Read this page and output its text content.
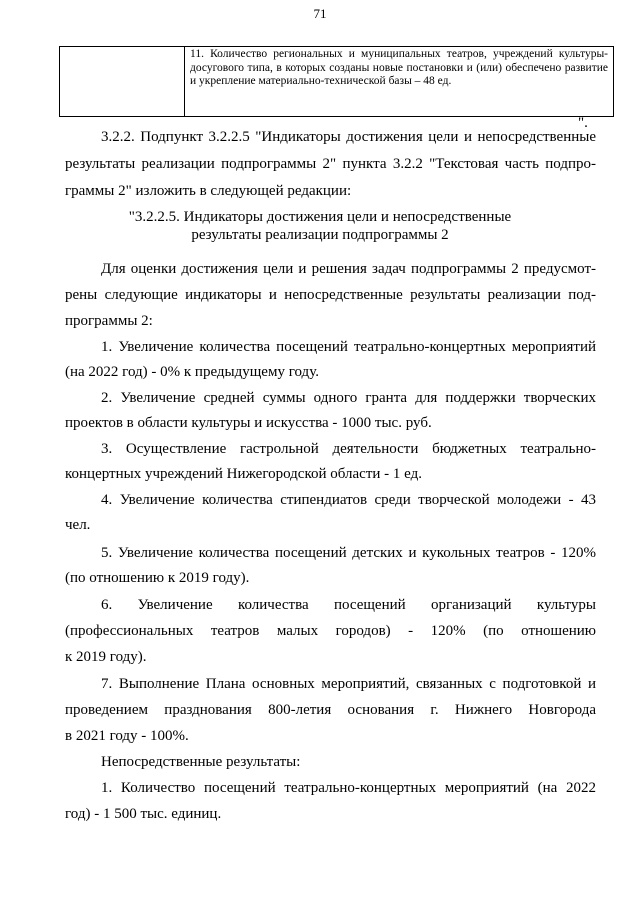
71
	11. Количество региональных и муниципальных театров, учреждений культуры-досугового типа, в которых созданы новые постановки и (или) обеспечено развитие и укрепление материально-технической базы – 48 ед.
".
3.2.2. Подпункт 3.2.2.5 "Индикаторы достижения цели и непосредственные
результаты реализации подпрограммы 2" пункта 3.2.2 "Текстовая часть подпро-
граммы 2" изложить в следующей редакции:
"3.2.2.5. Индикаторы достижения цели и непосредственные
результаты реализации подпрограммы 2
Для оценки достижения цели и решения задач подпрограммы 2 предусмот-
рены следующие индикаторы и непосредственные результаты реализации под-
программы 2:
1. Увеличение количества посещений театрально-концертных мероприятий
(на 2022 год) - 0% к предыдущему году.
2. Увеличение средней суммы одного гранта для поддержки творческих
проектов в области культуры и искусства - 1000 тыс. руб.
3. Осуществление гастрольной деятельности бюджетных театрально-
концертных учреждений Нижегородской области - 1 ед.
4. Увеличение количества стипендиатов среди творческой молодежи - 43
чел.
5. Увеличение количества посещений детских и кукольных театров - 120%
(по отношению к 2019 году).
6. Увеличение количества посещений организаций культуры
(профессиональных театров малых городов) - 120% (по отношению
к 2019 году).
7. Выполнение Плана основных мероприятий, связанных с подготовкой и
проведением празднования 800-летия основания г. Нижнего Новгорода
в 2021 году - 100%.
Непосредственные результаты:
1. Количество посещений театрально-концертных мероприятий (на 2022
год) - 1 500 тыс. единиц.
